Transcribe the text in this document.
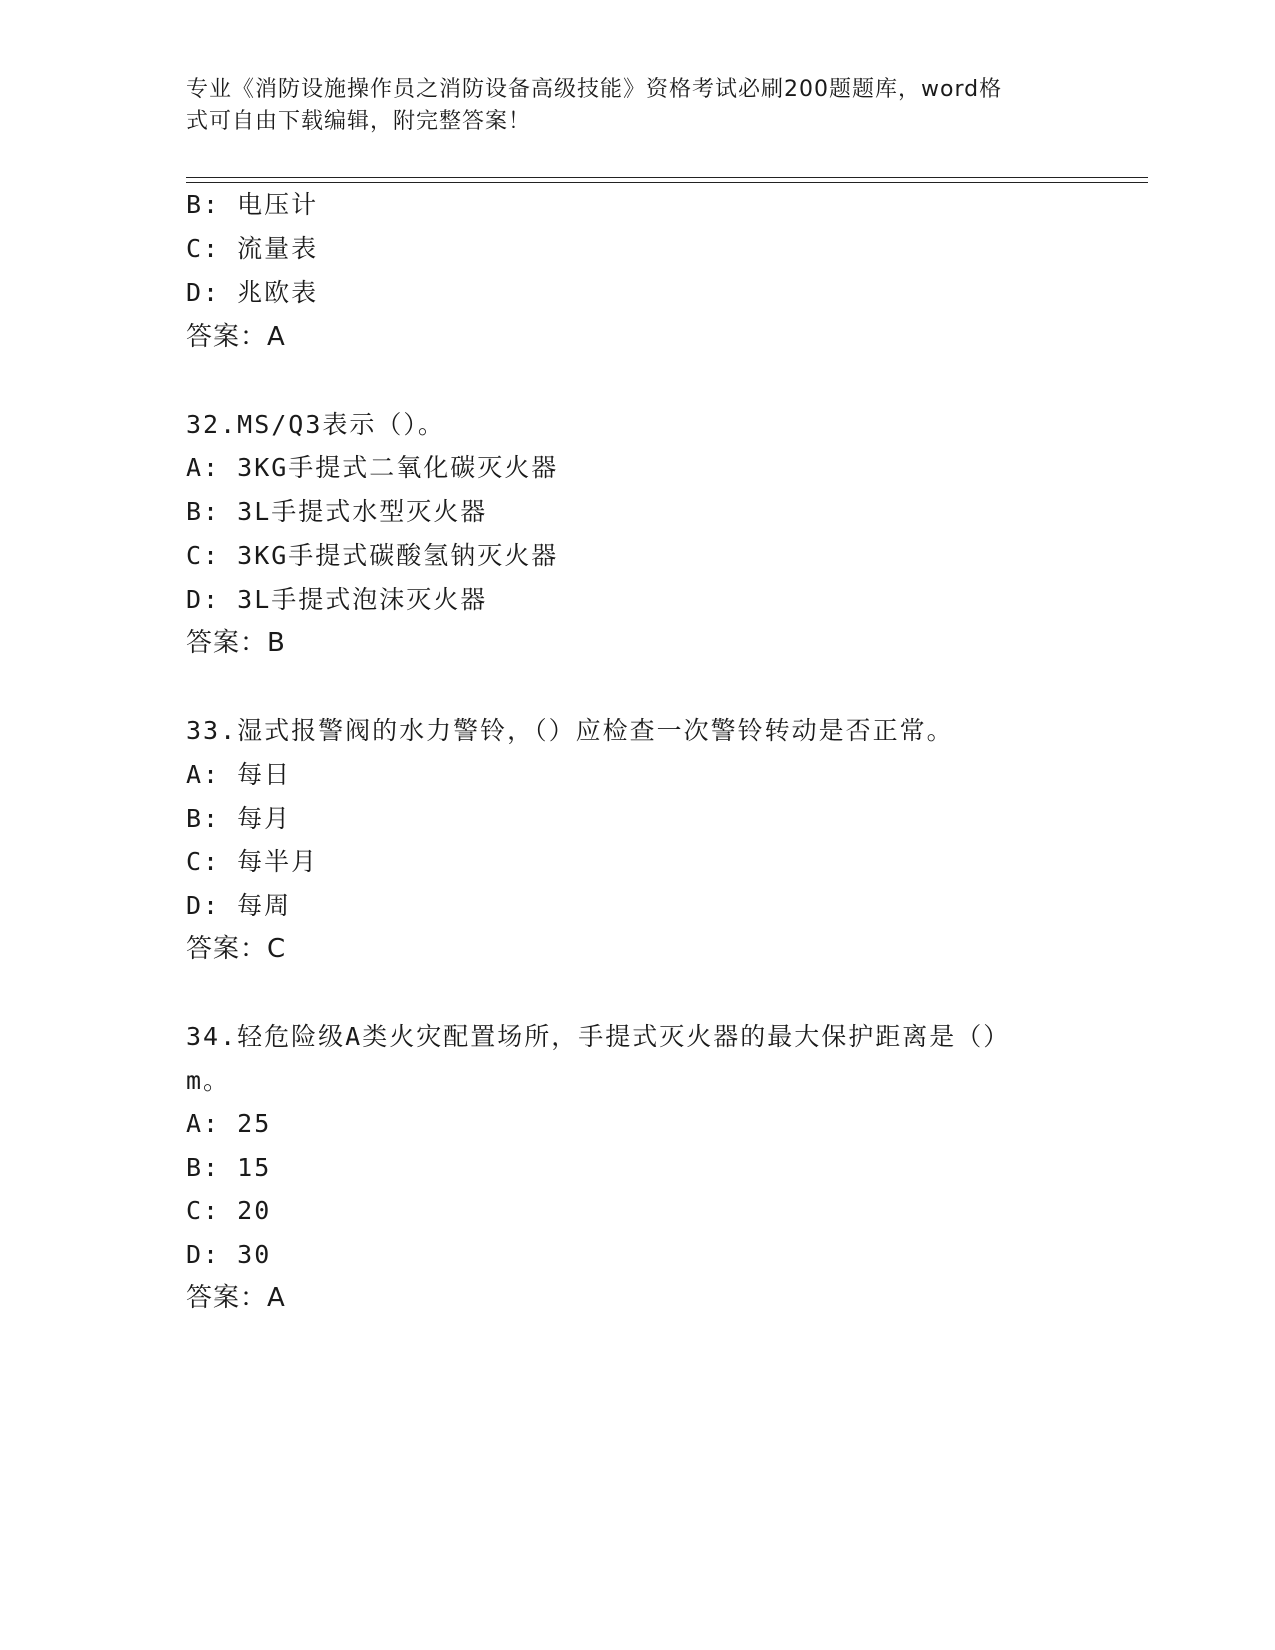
专业《消防设施操作员之消防设备高级技能》资格考试必刷200题题库，word格
式可自由下载编辑，附完整答案！
B: 电压计
C: 流量表
D: 兆欧表
答案：A
32.MS/Q3表示（）。
A: 3KG手提式二氧化碳灭火器
B: 3L手提式水型灭火器
C: 3KG手提式碳酸氢钠灭火器
D: 3L手提式泡沫灭火器
答案：B
33.湿式报警阀的水力警铃，（）应检查一次警铃转动是否正常。
A: 每日
B: 每月
C: 每半月
D: 每周
答案：C
34.轻危险级A类火灾配置场所，手提式灭火器的最大保护距离是（）
m。
A: 25
B: 15
C: 20
D: 30
答案：A
